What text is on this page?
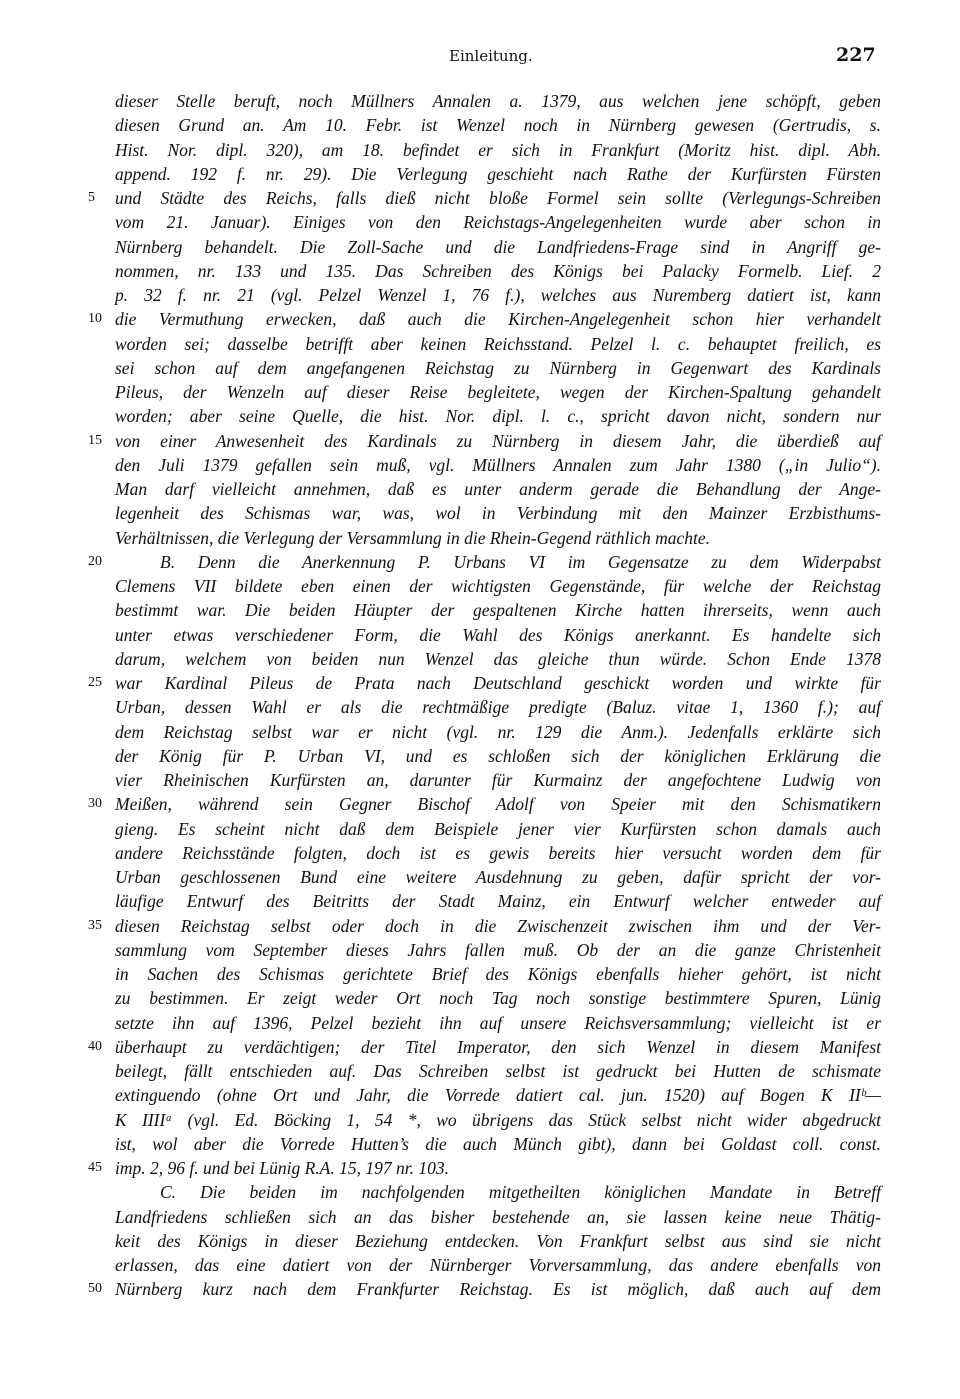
Einleitung.	227
dieser Stelle beruft, noch Müllners Annalen a. 1379, aus welchen jene schöpft, geben
diesen Grund an. Am 10. Febr. ist Wenzel noch in Nürnberg gewesen (Gertrudis, s.
Hist. Nor. dipl. 320), am 18. befindet er sich in Frankfurt (Moritz hist. dipl. Abh.
append. 192 f. nr. 29). Die Verlegung geschieht nach Rathe der Kurfürsten Fürsten
und Städte des Reichs, falls dieß nicht bloße Formel sein sollte (Verlegungs-Schreiben
5
vom 21. Januar). Einiges von den Reichstags-Angelegenheiten wurde aber schon in
Nürnberg behandelt. Die Zoll-Sache und die Landfriedens-Frage sind in Angriff ge-
nommen, nr. 133 und 135. Das Schreiben des Königs bei Palacky Formelb. Lief. 2
p. 32 f. nr. 21 (vgl. Pelzel Wenzel 1, 76 f.), welches aus Nuremberg datiert ist, kann
die Vermuthung erwecken, daß auch die Kirchen-Angelegenheit schon hier verhandelt
10
worden sei; dasselbe betrifft aber keinen Reichsstand. Pelzel l. c. behauptet freilich, es
sei schon auf dem angefangenen Reichstag zu Nürnberg in Gegenwart des Kardinals
Pileus, der Wenzeln auf dieser Reise begleitete, wegen der Kirchen-Spaltung gehandelt
worden; aber seine Quelle, die hist. Nor. dipl. l. c., spricht davon nicht, sondern nur
von einer Anwesenheit des Kardinals zu Nürnberg in diesem Jahr, die überdieß auf
15
den Juli 1379 gefallen sein muß, vgl. Müllners Annalen zum Jahr 1380 („in Julio“).
Man darf vielleicht annehmen, daß es unter anderm gerade die Behandlung der Ange-
legenheit des Schismas war, was, wol in Verbindung mit den Mainzer Erzbisthums-
Verhältnissen, die Verlegung der Versammlung in die Rhein-Gegend räthlich machte.
B. Denn die Anerkennung P. Urbans VI im Gegensatze zu dem Widerpabst
20
Clemens VII bildete eben einen der wichtigsten Gegenstände, für welche der Reichstag
bestimmt war. Die beiden Häupter der gespaltenen Kirche hatten ihrerseits, wenn auch
unter etwas verschiedener Form, die Wahl des Königs anerkannt. Es handelte sich
darum, welchem von beiden nun Wenzel das gleiche thun würde. Schon Ende 1378
war Kardinal Pileus de Prata nach Deutschland geschickt worden und wirkte für
25
Urban, dessen Wahl er als die rechtmäßige predigte (Baluz. vitae 1, 1360 f.); auf
dem Reichstag selbst war er nicht (vgl. nr. 129 die Anm.). Jedenfalls erklärte sich
der König für P. Urban VI, und es schloßen sich der königlichen Erklärung die
vier Rheinischen Kurfürsten an, darunter für Kurmainz der angefochtene Ludwig von
Meißen, während sein Gegner Bischof Adolf von Speier mit den Schismatikern
30
gieng. Es scheint nicht daß dem Beispiele jener vier Kurfürsten schon damals auch
andere Reichsstände folgten, doch ist es gewis bereits hier versucht worden dem für
Urban geschlossenen Bund eine weitere Ausdehnung zu geben, dafür spricht der vor-
läufige Entwurf des Beitritts der Stadt Mainz, ein Entwurf welcher entweder auf
diesen Reichstag selbst oder doch in die Zwischenzeit zwischen ihm und der Ver-
35
sammlung vom September dieses Jahrs fallen muß. Ob der an die ganze Christenheit
in Sachen des Schismas gerichtete Brief des Königs ebenfalls hieher gehört, ist nicht
zu bestimmen. Er zeigt weder Ort noch Tag noch sonstige bestimmtere Spuren, Lünig
setzte ihn auf 1396, Pelzel bezieht ihn auf unsere Reichsversammlung; vielleicht ist er
überhaupt zu verdächtigen; der Titel Imperator, den sich Wenzel in diesem Manifest
40
beilegt, fällt entschieden auf. Das Schreiben selbst ist gedruckt bei Hutten de schismate
extinguendo (ohne Ort und Jahr, die Vorrede datiert cal. jun. 1520) auf Bogen K IIᵇ—
K IIIIᵃ (vgl. Ed. Böcking 1, 54 *, wo übrigens das Stück selbst nicht wider abgedruckt
ist, wol aber die Vorrede Hutten’s die auch Münch gibt), dann bei Goldast coll. const.
imp. 2, 96 f. und bei Lünig R.A. 15, 197 nr. 103.
45
C. Die beiden im nachfolgenden mitgetheilten königlichen Mandate in Betreff
Landfriedens schließen sich an das bisher bestehende an, sie lassen keine neue Thätig-
keit des Königs in dieser Beziehung entdecken. Von Frankfurt selbst aus sind sie nicht
erlassen, das eine datiert von der Nürnberger Vorversammlung, das andere ebenfalls von
Nürnberg kurz nach dem Frankfurter Reichstag. Es ist möglich, daß auch auf dem
50
